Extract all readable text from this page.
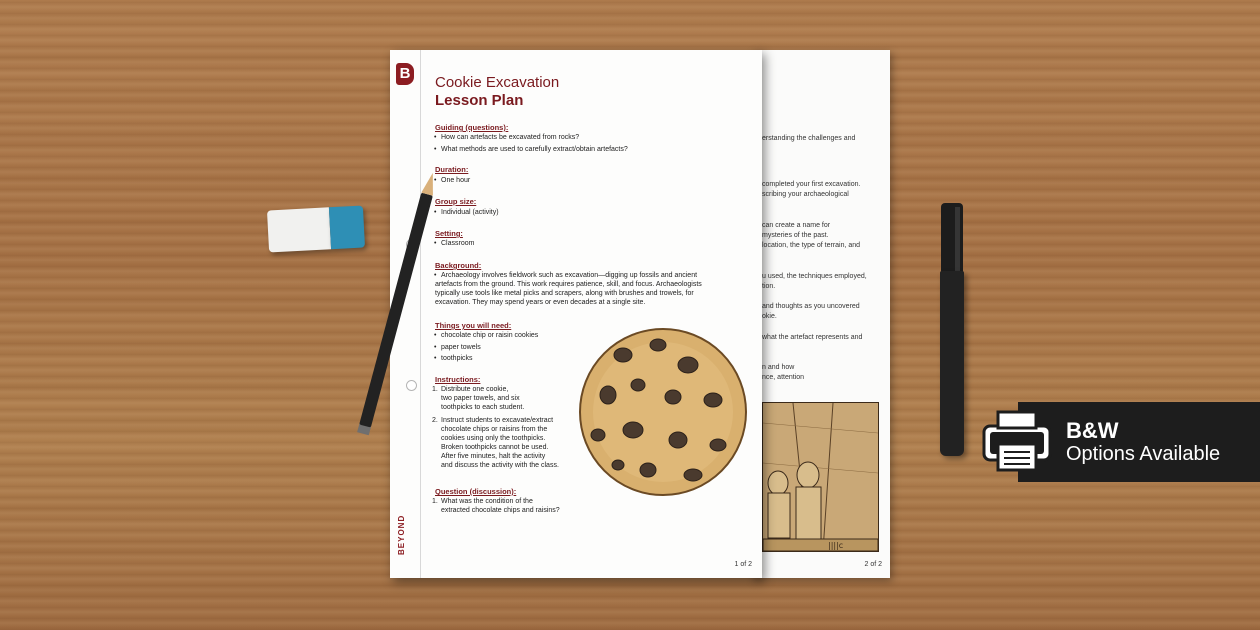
erstanding the challenges and
completed your first excavation.
scribing your archaeological
can create a name for
mysteries of the past.
location, the type of terrain, and
u used, the techniques employed,
tion.
and thoughts as you uncovered
okie.
what the artefact represents and
n and how
nce, attention
||||c
2 of 2
B
BEYOND
Cookie Excavation
Lesson Plan
Guiding (questions):
• How can artefacts be excavated from rocks?
• What methods are used to carefully extract/obtain artefacts?
Duration:
• One hour
Group size:
• Individual (activity)
Setting:
• Classroom
Background:
• Archaeology involves fieldwork such as excavation—digging up fossils and ancient
artefacts from the ground. This work requires patience, skill, and focus. Archaeologists
typically use tools like metal picks and scrapers, along with brushes and trowels, for
excavation. They may spend years or even decades at a single site.
Things you will need:
• chocolate chip or raisin cookies
• paper towels
• toothpicks
Instructions:
1. Distribute one cookie,
two paper towels, and six
toothpicks to each student.
2. Instruct students to excavate/extract
chocolate chips or raisins from the
cookies using only the toothpicks.
Broken toothpicks cannot be used.
After five minutes, halt the activity
and discuss the activity with the class.
Question (discussion):
1. What was the condition of the
extracted chocolate chips and raisins?
1 of 2
B&W
Options Available
